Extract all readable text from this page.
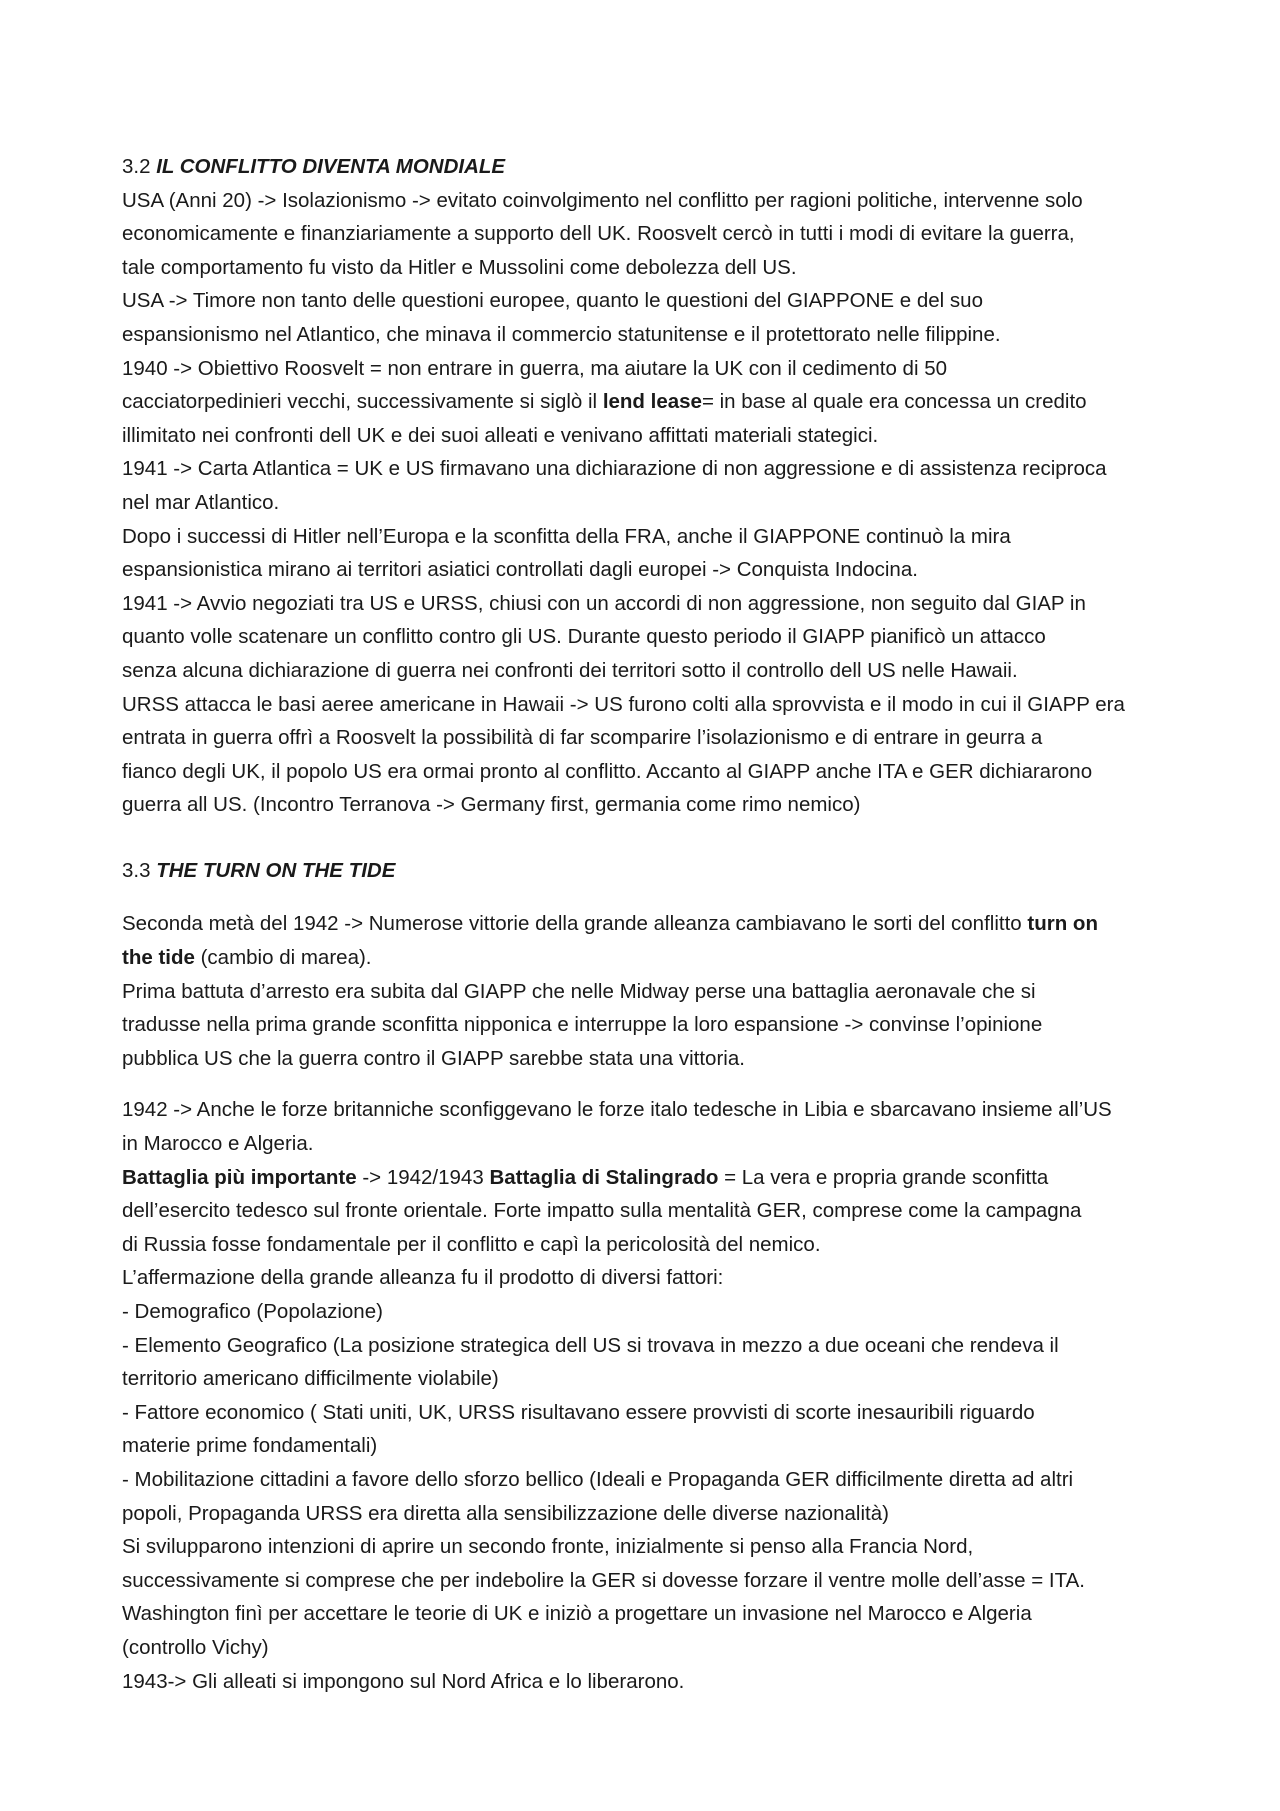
3.2 IL CONFLITTO DIVENTA MONDIALE
USA (Anni 20) -> Isolazionismo -> evitato coinvolgimento nel conflitto per ragioni politiche, intervenne solo
economicamente e finanziariamente a supporto dell UK. Roosvelt cercò in tutti i modi di evitare la guerra,
tale comportamento fu visto da Hitler e Mussolini come debolezza dell US.
USA -> Timore non tanto delle questioni europee, quanto le questioni del GIAPPONE e del suo
espansionismo nel Atlantico, che minava il commercio statunitense e il protettorato nelle filippine.
1940 -> Obiettivo Roosvelt = non entrare in guerra, ma aiutare la UK con il cedimento di 50
cacciatorpedinieri vecchi, successivamente si siglò il lend lease= in base al quale era concessa un credito
illimitato nei confronti dell UK e dei suoi alleati e venivano affittati materiali stategici.
1941 -> Carta Atlantica = UK e US firmavano una dichiarazione di non aggressione e di assistenza reciproca
nel mar Atlantico.
Dopo i successi di Hitler nell’Europa e la sconfitta della FRA, anche il GIAPPONE continuò la mira
espansionistica mirano ai territori asiatici controllati dagli europei -> Conquista Indocina.
1941 -> Avvio negoziati tra US e URSS, chiusi con un accordi di non aggressione, non seguito dal GIAP in
quanto volle scatenare un conflitto contro gli US. Durante questo periodo il GIAPP pianificò un attacco
senza alcuna dichiarazione di guerra nei confronti dei territori sotto il controllo dell US nelle Hawaii.
URSS attacca le basi aeree americane in Hawaii -> US furono colti alla sprovvista e il modo in cui il GIAPP era
entrata in guerra offrì a Roosvelt la possibilità di far scomparire l’isolazionismo e di entrare in geurra a
fianco degli UK, il popolo US era ormai pronto al conflitto. Accanto al GIAPP anche ITA e GER dichiararono
guerra all US. (Incontro Terranova -> Germany first, germania come rimo nemico)
3.3 THE TURN ON THE TIDE
Seconda metà del 1942 -> Numerose vittorie della grande alleanza cambiavano le sorti del conflitto turn on
the tide (cambio di marea).
Prima battuta d’arresto era subita dal GIAPP che nelle Midway perse una battaglia aeronavale che si
tradusse nella prima grande sconfitta nipponica e interruppe la loro espansione -> convinse l’opinione
pubblica US che la guerra contro il GIAPP sarebbe stata una vittoria.
1942 -> Anche le forze britanniche sconfiggevano le forze italo tedesche in Libia e sbarcavano insieme all’US
in Marocco e Algeria.
Battaglia più importante -> 1942/1943 Battaglia di Stalingrado = La vera e propria grande sconfitta
dell’esercito tedesco sul fronte orientale. Forte impatto sulla mentalità GER, comprese come la campagna
di Russia fosse fondamentale per il conflitto e capì la pericolosità del nemico.
L’affermazione della grande alleanza fu il prodotto di diversi fattori:
- Demografico (Popolazione)
- Elemento Geografico (La posizione strategica dell US si trovava in mezzo a due oceani che rendeva il
territorio americano difficilmente violabile)
- Fattore economico ( Stati uniti, UK, URSS risultavano essere provvisti di scorte inesauribili riguardo
materie prime fondamentali)
- Mobilitazione cittadini a favore dello sforzo bellico (Ideali e Propaganda GER difficilmente diretta ad altri
popoli, Propaganda URSS era diretta alla sensibilizzazione delle diverse nazionalità)
Si svilupparono intenzioni di aprire un secondo fronte, inizialmente si penso alla Francia Nord,
successivamente si comprese che per indebolire la GER si dovesse forzare il ventre molle dell’asse = ITA.
Washington finì per accettare le teorie di UK e iniziò a progettare un invasione nel Marocco e Algeria
(controllo Vichy)
1943-> Gli alleati si impongono sul Nord Africa e lo liberarono.
